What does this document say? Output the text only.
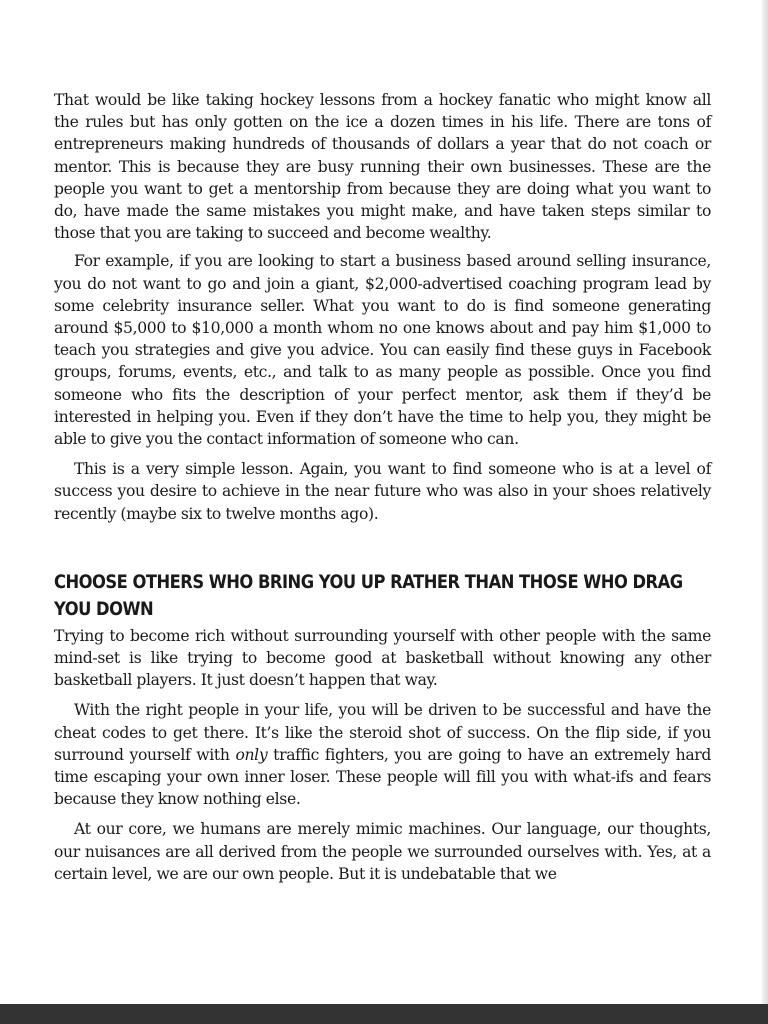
That would be like taking hockey lessons from a hockey fanatic who might know all the rules but has only gotten on the ice a dozen times in his life. There are tons of entrepreneurs making hundreds of thousands of dollars a year that do not coach or mentor. This is because they are busy running their own businesses. These are the people you want to get a mentorship from because they are doing what you want to do, have made the same mistakes you might make, and have taken steps similar to those that you are taking to succeed and become wealthy.

For example, if you are looking to start a business based around selling insurance, you do not want to go and join a giant, $2,000-advertised coaching program lead by some celebrity insurance seller. What you want to do is find someone generating around $5,000 to $10,000 a month whom no one knows about and pay him $1,000 to teach you strategies and give you advice. You can easily find these guys in Facebook groups, forums, events, etc., and talk to as many people as possible. Once you find someone who fits the description of your perfect mentor, ask them if they’d be interested in helping you. Even if they don’t have the time to help you, they might be able to give you the contact information of someone who can.

This is a very simple lesson. Again, you want to find someone who is at a level of success you desire to achieve in the near future who was also in your shoes relatively recently (maybe six to twelve months ago).

CHOOSE OTHERS WHO BRING YOU UP RATHER THAN THOSE WHO DRAG YOU DOWN

Trying to become rich without surrounding yourself with other people with the same mind-set is like trying to become good at basketball without knowing any other basketball players. It just doesn’t happen that way.

With the right people in your life, you will be driven to be successful and have the cheat codes to get there. It’s like the steroid shot of success. On the flip side, if you surround yourself with only traffic fighters, you are going to have an extremely hard time escaping your own inner loser. These people will fill you with what-ifs and fears because they know nothing else.

At our core, we humans are merely mimic machines. Our language, our thoughts, our nuisances are all derived from the people we surrounded ourselves with. Yes, at a certain level, we are our own people. But it is undebatable that we
